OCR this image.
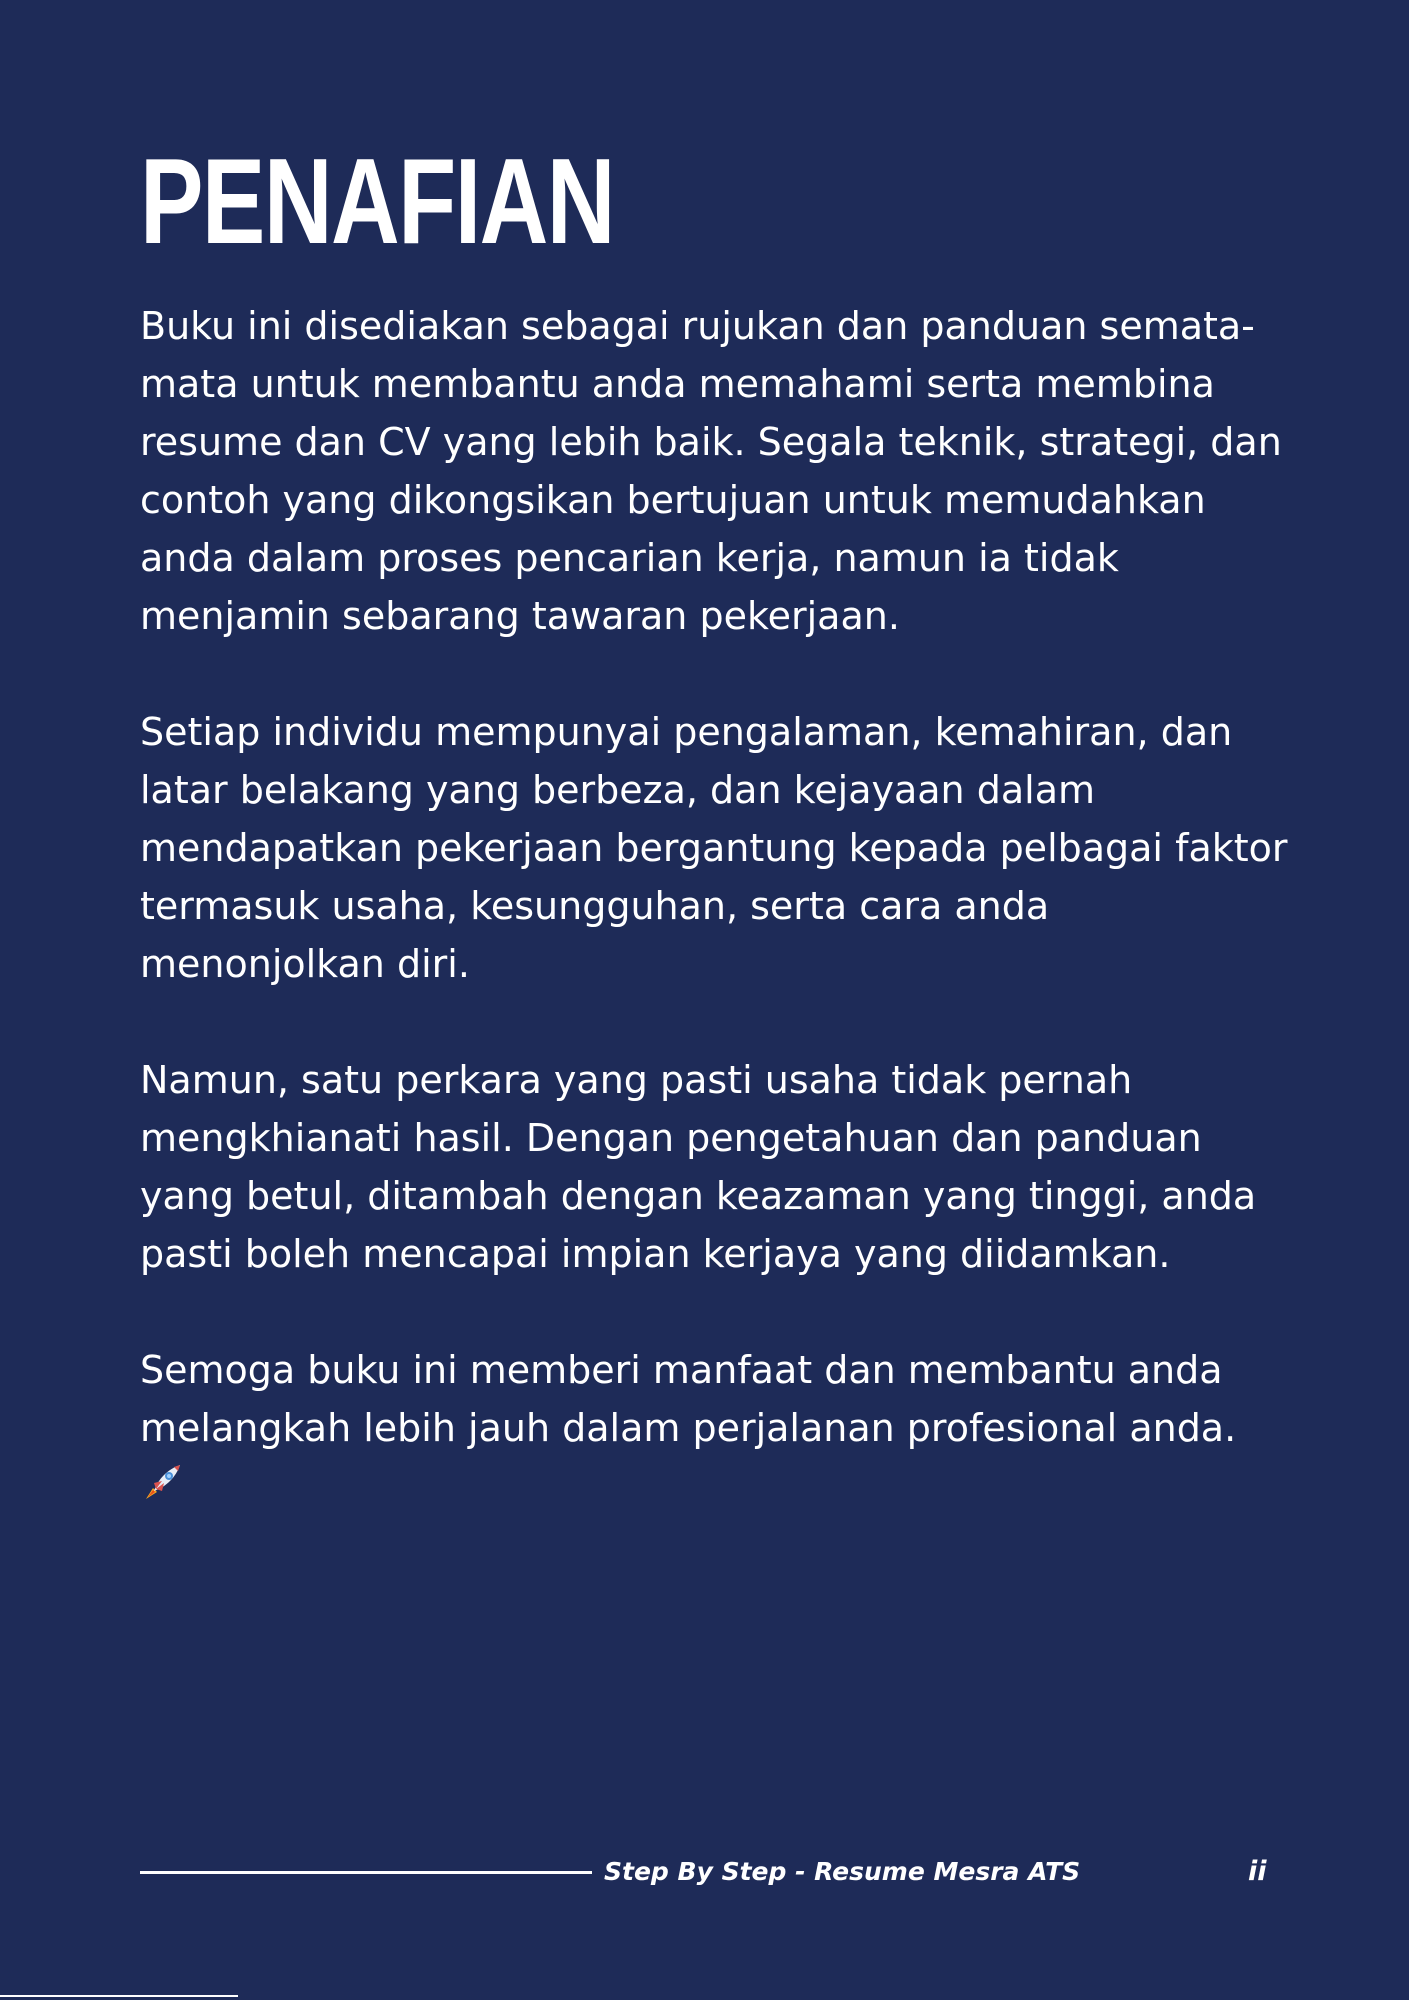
PENAFIAN

Buku ini disediakan sebagai rujukan dan panduan semata-
mata untuk membantu anda memahami serta membina
resume dan CV yang lebih baik. Segala teknik, strategi, dan
contoh yang dikongsikan bertujuan untuk memudahkan
anda dalam proses pencarian kerja, namun ia tidak
menjamin sebarang tawaran pekerjaan.

Setiap individu mempunyai pengalaman, kemahiran, dan
latar belakang yang berbeza, dan kejayaan dalam
mendapatkan pekerjaan bergantung kepada pelbagai faktor
termasuk usaha, kesungguhan, serta cara anda
menonjolkan diri.

Namun, satu perkara yang pasti usaha tidak pernah
mengkhianati hasil. Dengan pengetahuan dan panduan
yang betul, ditambah dengan keazaman yang tinggi, anda
pasti boleh mencapai impian kerjaya yang diidamkan.

Semoga buku ini memberi manfaat dan membantu anda
melangkah lebih jauh dalam perjalanan profesional anda.

Step By Step - Resume Mesra ATS	ii
